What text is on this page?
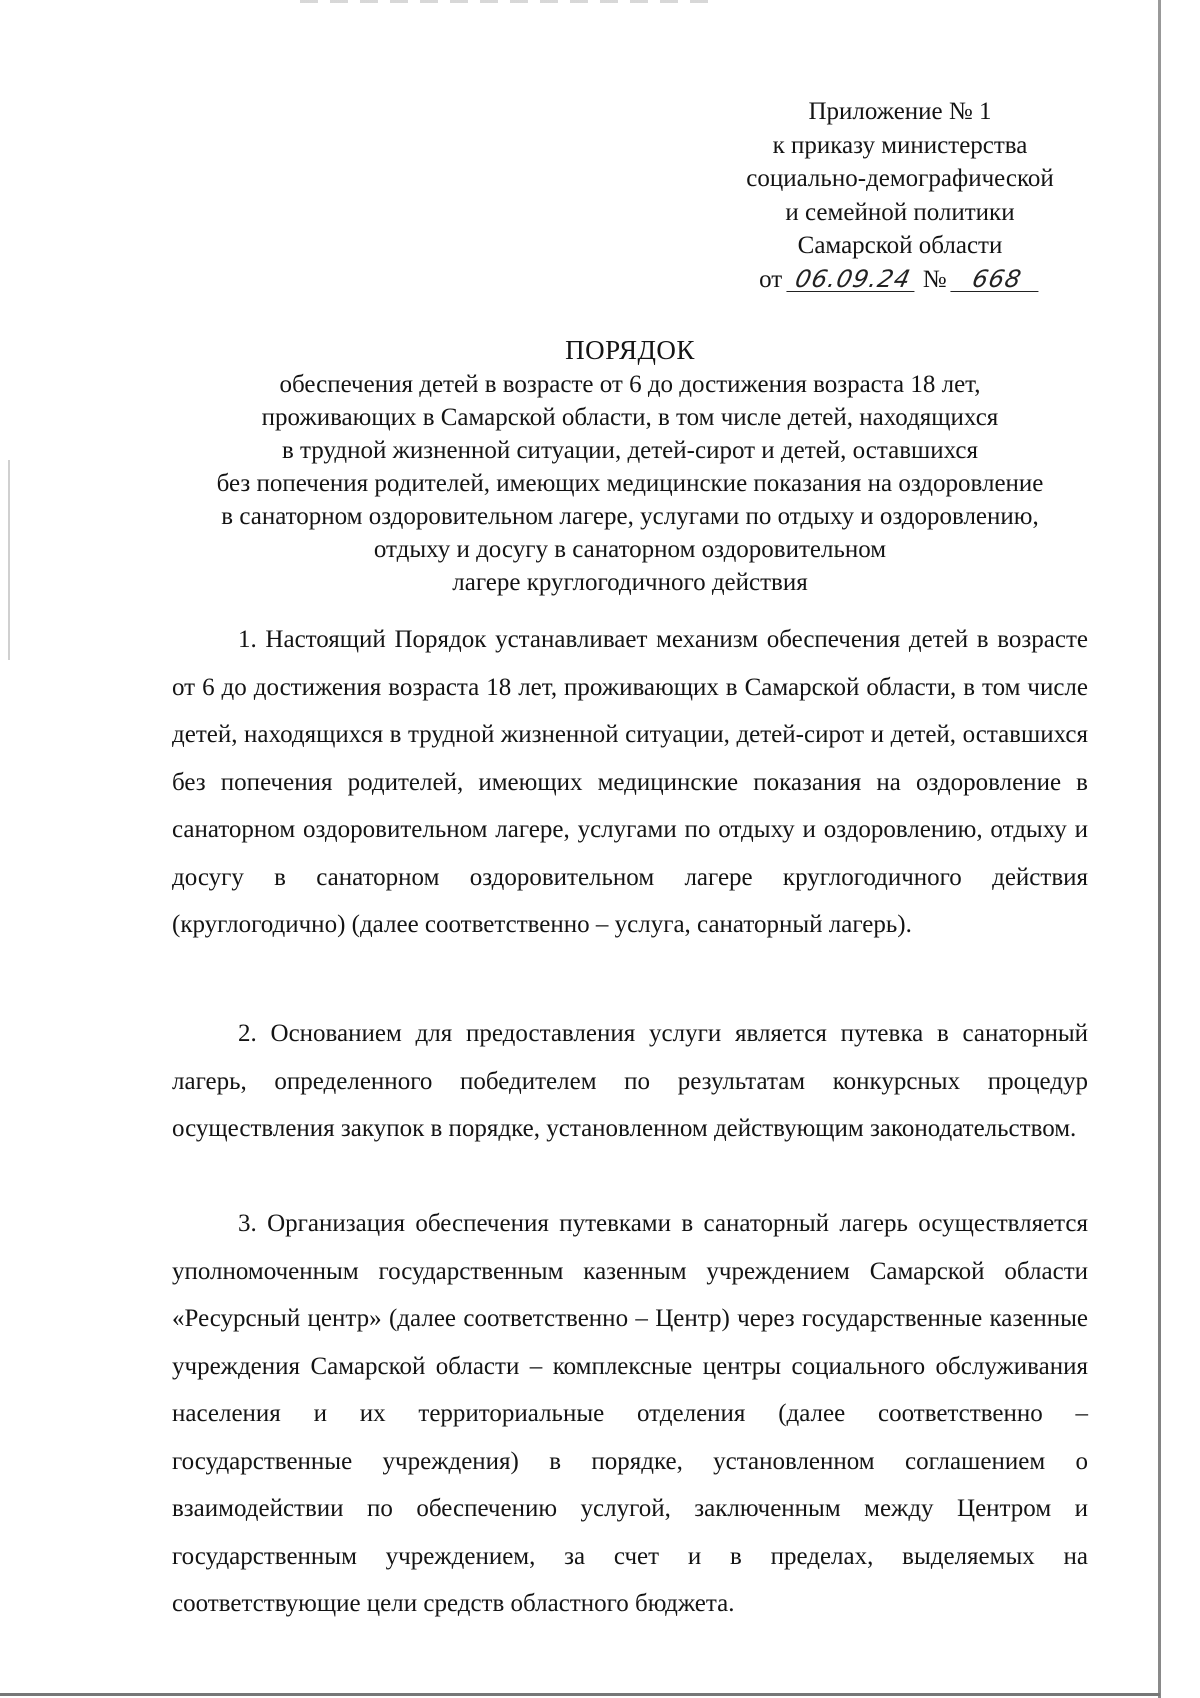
Приложение № 1
к приказу министерства
социально-демографической
и семейной политики
Самарской области
от 06.09.24 № 668
ПОРЯДОК
обеспечения детей в возрасте от 6 до достижения возраста 18 лет,
проживающих в Самарской области, в том числе детей, находящихся
в трудной жизненной ситуации, детей-сирот и детей, оставшихся
без попечения родителей, имеющих медицинские показания на оздоровление
в санаторном оздоровительном лагере, услугами по отдыху и оздоровлению,
отдыху и досугу в санаторном оздоровительном
лагере круглогодичного действия
1. Настоящий Порядок устанавливает механизм обеспечения детей в возрасте от 6 до достижения возраста 18 лет, проживающих в Самарской области, в том числе детей, находящихся в трудной жизненной ситуации, детей-сирот и детей, оставшихся без попечения родителей, имеющих медицинские показания на оздоровление в санаторном оздоровительном лагере, услугами по отдыху и оздоровлению, отдыху и досугу в санаторном оздоровительном лагере круглогодичного действия (круглогодично) (далее соответственно – услуга, санаторный лагерь).
2. Основанием для предоставления услуги является путевка в санаторный лагерь, определенного победителем по результатам конкурсных процедур осуществления закупок в порядке, установленном действующим законодательством.
3. Организация обеспечения путевками в санаторный лагерь осуществляется уполномоченным государственным казенным учреждением Самарской области «Ресурсный центр» (далее соответственно – Центр) через государственные казенные учреждения Самарской области – комплексные центры социального обслуживания населения и их территориальные отделения (далее соответственно – государственные учреждения) в порядке, установленном соглашением о взаимодействии по обеспечению услугой, заключенным между Центром и государственным учреждением, за счет и в пределах, выделяемых на соответствующие цели средств областного бюджета.
